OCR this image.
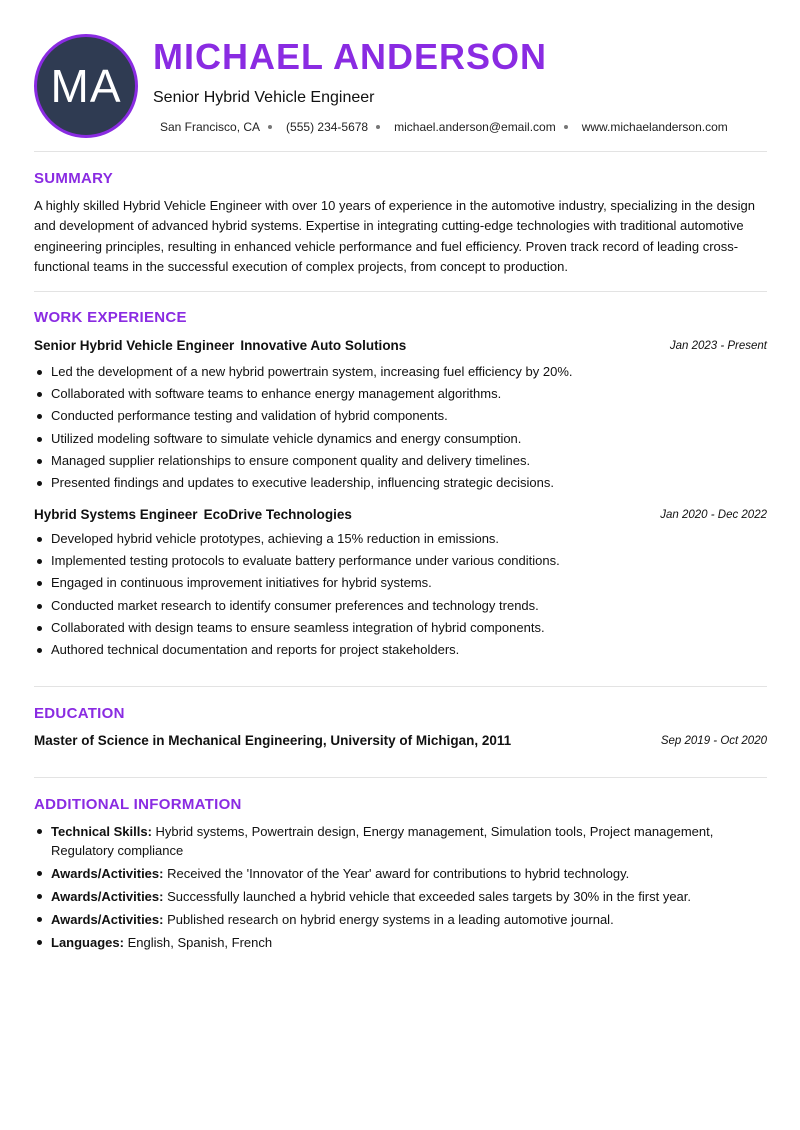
MA
MICHAEL ANDERSON
Senior Hybrid Vehicle Engineer
San Francisco, CA (555) 234-5678 michael.anderson@email.com www.michaelanderson.com
SUMMARY

A highly skilled Hybrid Vehicle Engineer with over 10 years of experience in the automotive industry, specializing in the design and development of advanced hybrid systems. Expertise in integrating cutting-edge technologies with traditional automotive engineering principles, resulting in enhanced vehicle performance and fuel efficiency. Proven track record of leading cross-functional teams in the successful execution of complex projects, from concept to production.

WORK EXPERIENCE
Senior Hybrid Vehicle Engineer Innovative Auto Solutions	Jan 2023 - Present
Led the development of a new hybrid powertrain system, increasing fuel efficiency by 20%.
Collaborated with software teams to enhance energy management algorithms.
Conducted performance testing and validation of hybrid components.
Utilized modeling software to simulate vehicle dynamics and energy consumption.
Managed supplier relationships to ensure component quality and delivery timelines.
Presented findings and updates to executive leadership, influencing strategic decisions.
Hybrid Systems Engineer EcoDrive Technologies	Jan 2020 - Dec 2022
Developed hybrid vehicle prototypes, achieving a 15% reduction in emissions.
Implemented testing protocols to evaluate battery performance under various conditions.
Engaged in continuous improvement initiatives for hybrid systems.
Conducted market research to identify consumer preferences and technology trends.
Collaborated with design teams to ensure seamless integration of hybrid components.
Authored technical documentation and reports for project stakeholders.
EDUCATION
Master of Science in Mechanical Engineering, University of Michigan, 2011	Sep 2019 - Oct 2020
ADDITIONAL INFORMATION
Technical Skills: Hybrid systems, Powertrain design, Energy management, Simulation tools, Project management, Regulatory compliance
Awards/Activities: Received the 'Innovator of the Year' award for contributions to hybrid technology.
Awards/Activities: Successfully launched a hybrid vehicle that exceeded sales targets by 30% in the first year.
Awards/Activities: Published research on hybrid energy systems in a leading automotive journal.
Languages: English, Spanish, French
